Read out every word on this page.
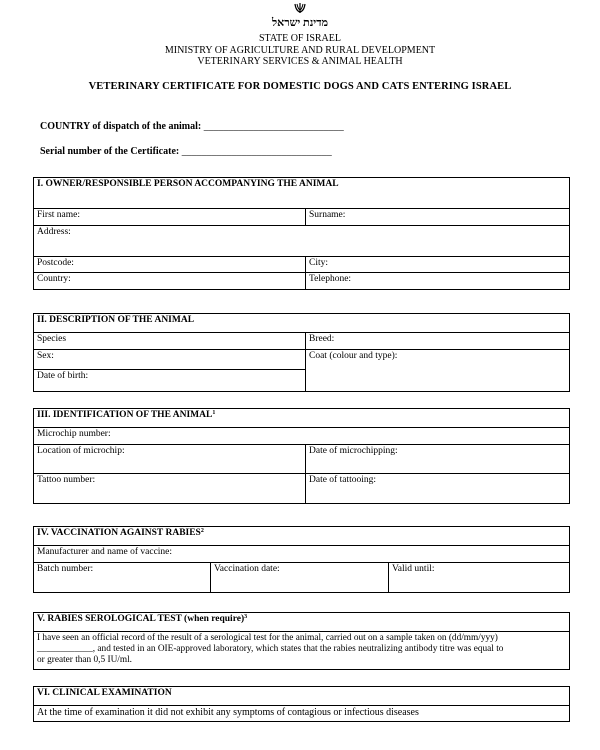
מדינת ישראל
STATE OF ISRAEL
MINISTRY OF AGRICULTURE AND RURAL DEVELOPMENT
VETERINARY SERVICES & ANIMAL HEALTH
VETERINARY CERTIFICATE FOR DOMESTIC DOGS AND CATS ENTERING ISRAEL
COUNTRY of dispatch of the animal: ____________________________
Serial number of the Certificate: ______________________________
I. OWNER/RESPONSIBLE PERSON ACCOMPANYING THE ANIMAL	
First name:	Surname:
Address:	
Postcode:	City:
Country:	Telephone:
II. DESCRIPTION OF THE ANIMAL	
Species	Breed:
Sex:	Coat (colour and type):
Date of birth:	
III. IDENTIFICATION OF THE ANIMAL$^1$
Microchip number:	
Location of microchip:	Date of microchipping:
Tattoo number:	Date of tattooing:
IV. VACCINATION AGAINST RABIES$^2$
Manufacturer and name of vaccine:
Batch number:	Vaccination date:	Valid until:
V. RABIES SEROLOGICAL TEST (when require)$^3$

I have seen an official record of the result of a serological test for the animal, carried out on a sample taken on (dd/mm/yyy)
____________, and tested in an OIE-approved laboratory, which states that the rabies neutralizing antibody titre was equal to
or greater than 0,5 IU/ml.
VI. CLINICAL EXAMINATION
At the time of examination it did not exhibit any symptoms of contagious or infectious diseases
